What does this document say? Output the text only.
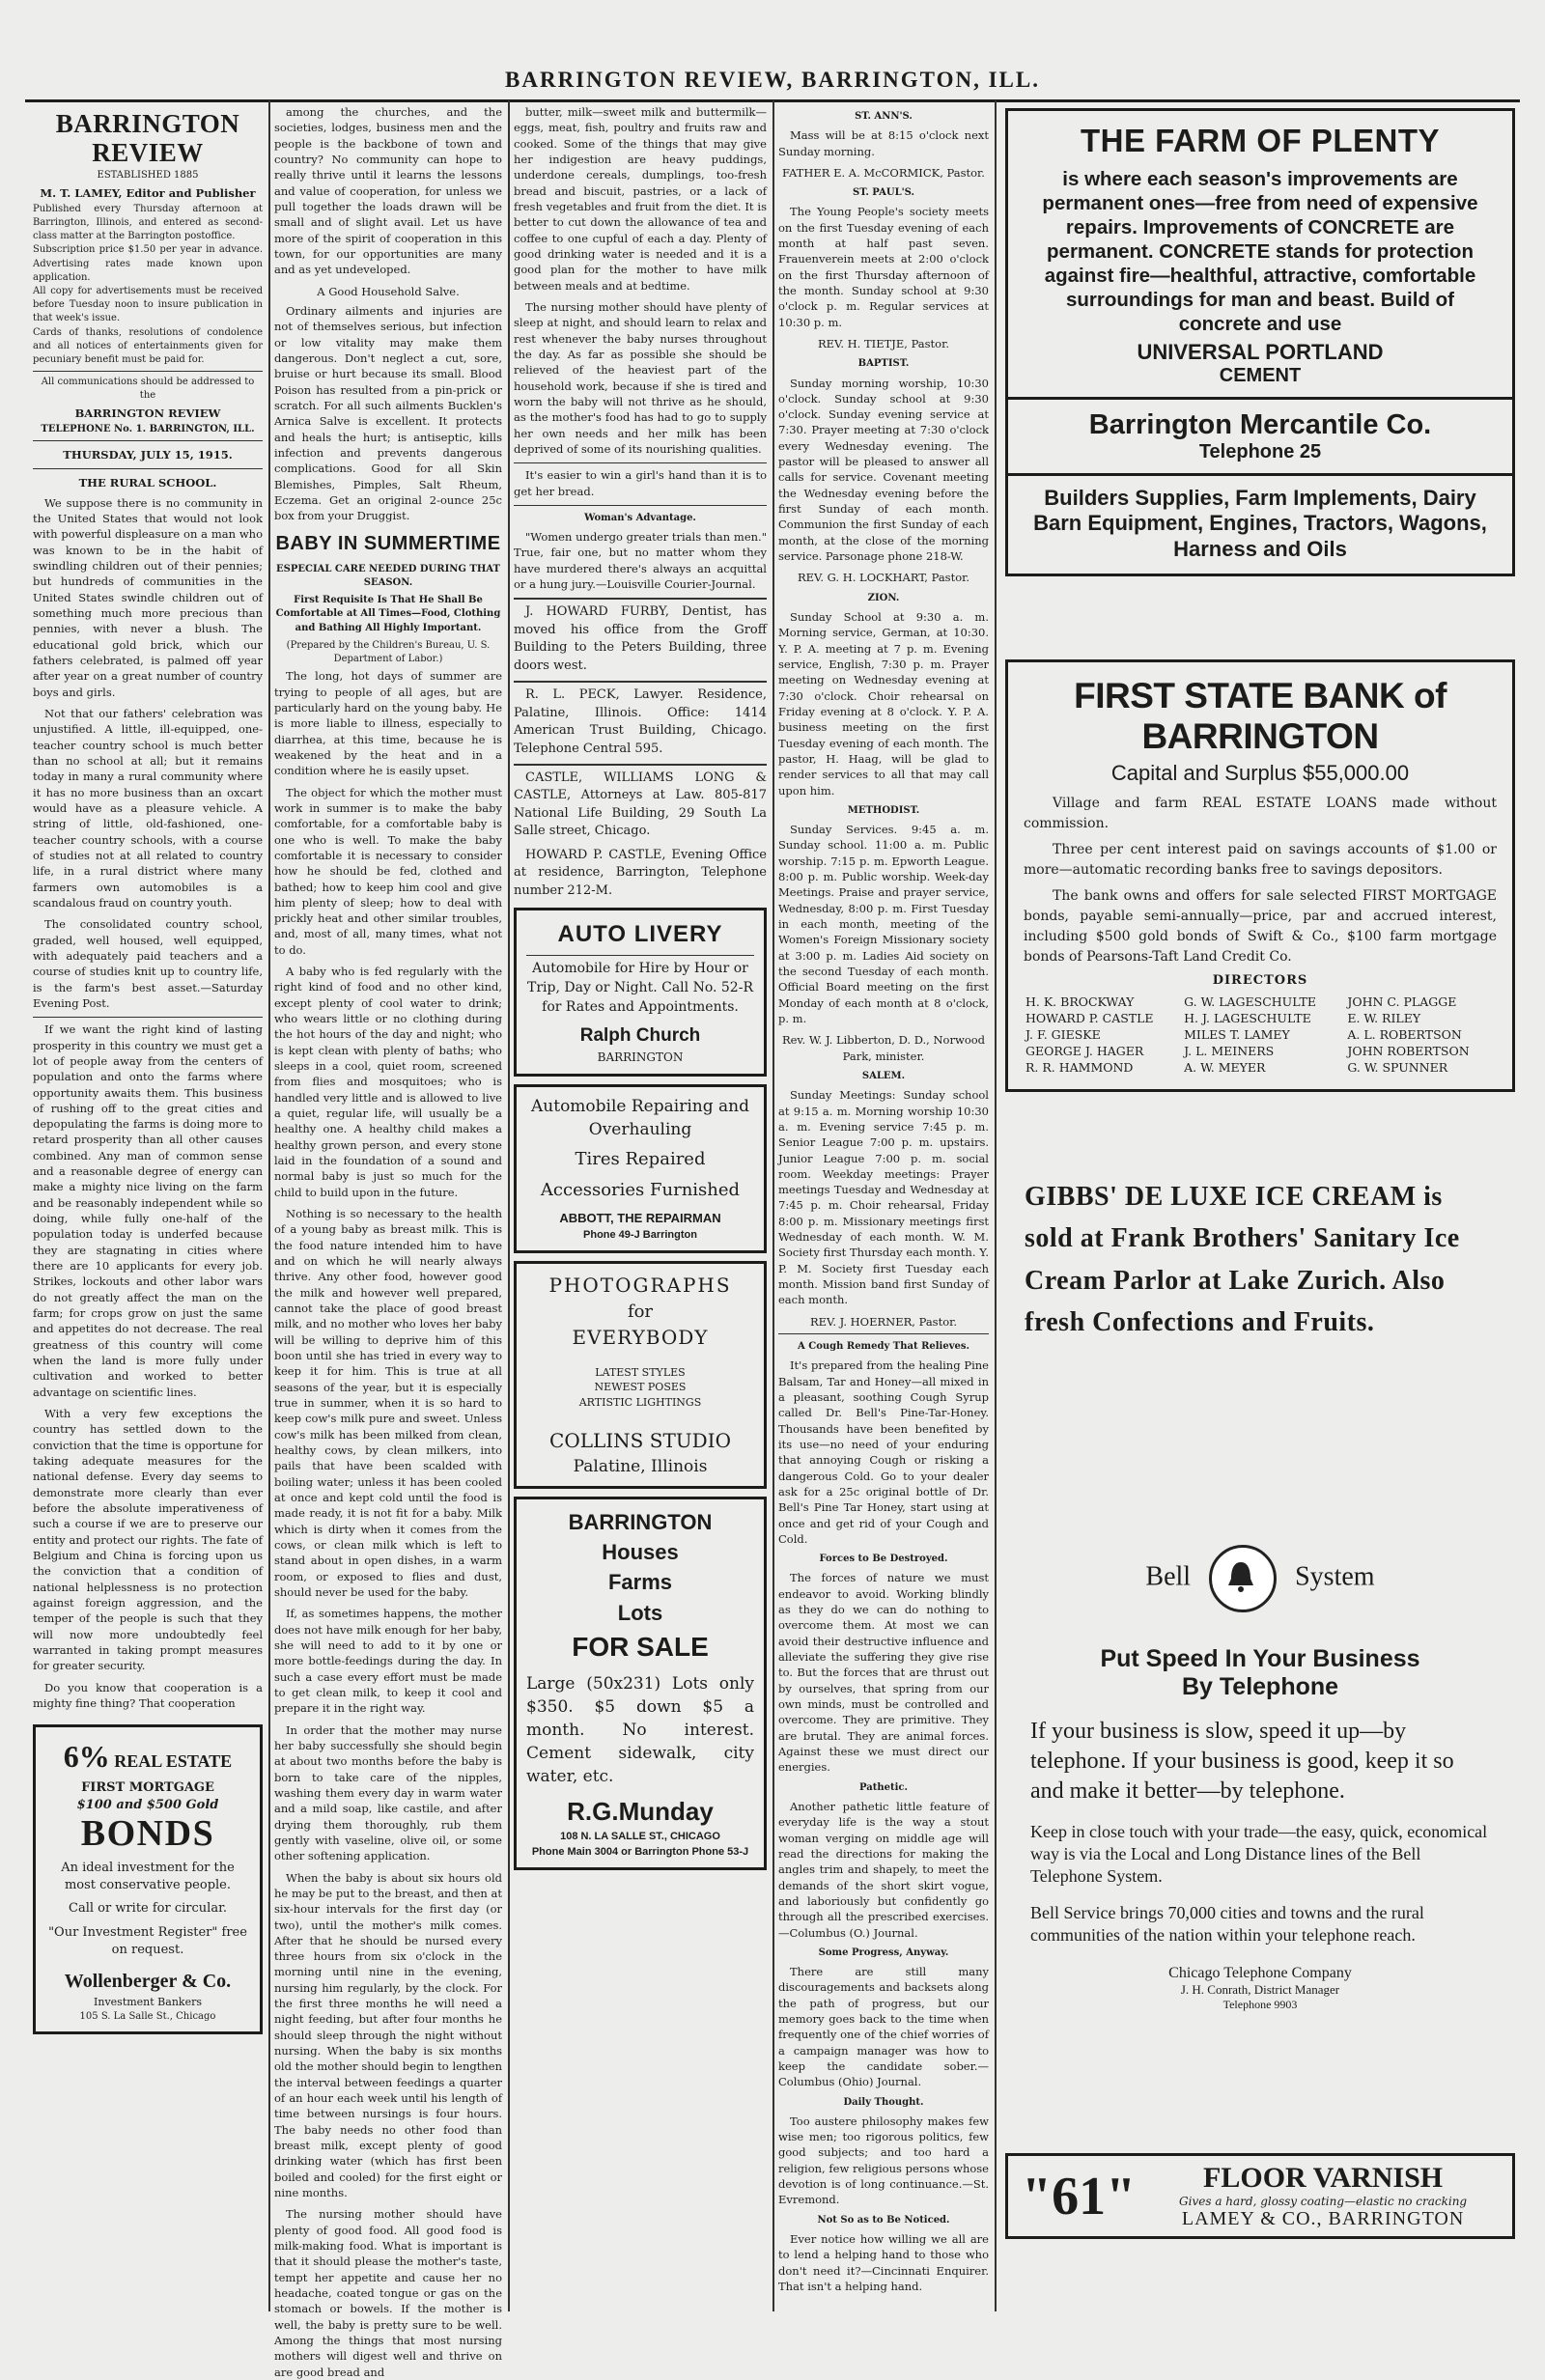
BARRINGTON REVIEW, BARRINGTON, ILL.
BARRINGTON REVIEW
ESTABLISHED 1885
M. T. LAMEY, Editor and Publisher
Published every Thursday afternoon at Barrington, Illinois, and entered as second-class matter at the Barrington postoffice.
Subscription price $1.50 per year in advance. Advertising rates made known upon application.
All copy for advertisements must be received before Tuesday noon to insure publication in that week's issue.
Cards of thanks, resolutions of condolence and all notices of entertainments given for pecuniary benefit must be paid for.
All communications should be addressed to the
BARRINGTON REVIEW
TELEPHONE No. 1. BARRINGTON, ILL.
THURSDAY, JULY 15, 1915.
THE RURAL SCHOOL.

We suppose there is no community in the United States that would not look with powerful displeasure on a man who was known to be in the habit of swindling children out of their pennies; but hundreds of communities in the United States swindle children out of something much more precious than pennies, with never a blush. The educational gold brick, which our fathers celebrated, is palmed off year after year on a great number of country boys and girls.

Not that our fathers' celebration was unjustified. A little, ill-equipped, one-teacher country school is much better than no school at all; but it remains today in many a rural community where it has no more business than an oxcart would have as a pleasure vehicle. A string of little, old-fashioned, one-teacher country schools, with a course of studies not at all related to country life, in a rural district where many farmers own automobiles is a scandalous fraud on country youth.

The consolidated country school, graded, well housed, well equipped, with adequately paid teachers and a course of studies knit up to country life, is the farm's best asset.—Saturday Evening Post.

If we want the right kind of lasting prosperity in this country we must get a lot of people away from the centers of population and onto the farms where opportunity awaits them. This business of rushing off to the great cities and depopulating the farms is doing more to retard prosperity than all other causes combined. Any man of common sense and a reasonable degree of energy can make a mighty nice living on the farm and be reasonably independent while so doing, while fully one-half of the population today is underfed because they are stagnating in cities where there are 10 applicants for every job. Strikes, lockouts and other labor wars do not greatly affect the man on the farm; for crops grow on just the same and appetites do not decrease. The real greatness of this country will come when the land is more fully under cultivation and worked to better advantage on scientific lines.

With a very few exceptions the country has settled down to the conviction that the time is opportune for taking adequate measures for the national defense. Every day seems to demonstrate more clearly than ever before the absolute imperativeness of such a course if we are to preserve our entity and protect our rights. The fate of Belgium and China is forcing upon us the conviction that a condition of national helplessness is no protection against foreign aggression, and the temper of the people is such that they will now more undoubtedly feel warranted in taking prompt measures for greater security.

Do you know that cooperation is a mighty fine thing? That cooperation

6% REAL ESTATE
FIRST MORTGAGE
$100 and $500 Gold
BONDS
An ideal investment for the most conservative people.
Call or write for circular.
"Our Investment Register" free on request.
Wollenberger & Co.
Investment Bankers
105 S. La Salle St., Chicago

among the churches, and the societies, lodges, business men and the people is the backbone of town and country? No community can hope to really thrive until it learns the lessons and value of cooperation, for unless we pull together the loads drawn will be small and of slight avail. Let us have more of the spirit of cooperation in this town, for our opportunities are many and as yet undeveloped.

A Good Household Salve.

Ordinary ailments and injuries are not of themselves serious, but infection or low vitality may make them dangerous. Don't neglect a cut, sore, bruise or hurt because its small. Blood Poison has resulted from a pin-prick or scratch. For all such ailments Bucklen's Arnica Salve is excellent. It protects and heals the hurt; is antiseptic, kills infection and prevents dangerous complications. Good for all Skin Blemishes, Pimples, Salt Rheum, Eczema. Get an original 2-ounce 25c box from your Druggist.

BABY IN SUMMERTIME
ESPECIAL CARE NEEDED DURING THAT SEASON.
First Requisite Is That He Shall Be Comfortable at All Times—Food, Clothing and Bathing All Highly Important.
(Prepared by the Children's Bureau, U. S. Department of Labor.)

The long, hot days of summer are trying to people of all ages, but are particularly hard on the young baby. He is more liable to illness, especially to diarrhea, at this time, because he is weakened by the heat and in a condition where he is easily upset.

The object for which the mother must work in summer is to make the baby comfortable, for a comfortable baby is one who is well. To make the baby comfortable it is necessary to consider how he should be fed, clothed and bathed; how to keep him cool and give him plenty of sleep; how to deal with prickly heat and other similar troubles, and, most of all, many times, what not to do.

A baby who is fed regularly with the right kind of food and no other kind, except plenty of cool water to drink; who wears little or no clothing during the hot hours of the day and night; who is kept clean with plenty of baths; who sleeps in a cool, quiet room, screened from flies and mosquitoes; who is handled very little and is allowed to live a quiet, regular life, will usually be a healthy one. A healthy child makes a healthy grown person, and every stone laid in the foundation of a sound and normal baby is just so much for the child to build upon in the future.

Nothing is so necessary to the health of a young baby as breast milk. This is the food nature intended him to have and on which he will nearly always thrive. Any other food, however good the milk and however well prepared, cannot take the place of good breast milk, and no mother who loves her baby will be willing to deprive him of this boon until she has tried in every way to keep it for him. This is true at all seasons of the year, but it is especially true in summer, when it is so hard to keep cow's milk pure and sweet. Unless cow's milk has been milked from clean, healthy cows, by clean milkers, into pails that have been scalded with boiling water; unless it has been cooled at once and kept cold until the food is made ready, it is not fit for a baby. Milk which is dirty when it comes from the cows, or clean milk which is left to stand about in open dishes, in a warm room, or exposed to flies and dust, should never be used for the baby.

If, as sometimes happens, the mother does not have milk enough for her baby, she will need to add to it by one or more bottle-feedings during the day. In such a case every effort must be made to get clean milk, to keep it cool and prepare it in the right way.

In order that the mother may nurse her baby successfully she should begin at about two months before the baby is born to take care of the nipples, washing them every day in warm water and a mild soap, like castile, and after drying them thoroughly, rub them gently with vaseline, olive oil, or some other softening application.

When the baby is about six hours old he may be put to the breast, and then at six-hour intervals for the first day (or two), until the mother's milk comes. After that he should be nursed every three hours from six o'clock in the morning until nine in the evening, nursing him regularly, by the clock. For the first three months he will need a night feeding, but after four months he should sleep through the night without nursing. When the baby is six months old the mother should begin to lengthen the interval between feedings a quarter of an hour each week until his length of time between nursings is four hours. The baby needs no other food than breast milk, except plenty of good drinking water (which has first been boiled and cooled) for the first eight or nine months.

The nursing mother should have plenty of good food. All good food is milk-making food. What is important is that it should please the mother's taste, tempt her appetite and cause her no headache, coated tongue or gas on the stomach or bowels. If the mother is well, the baby is pretty sure to be well. Among the things that most nursing mothers will digest well and thrive on are good bread and

butter, milk—sweet milk and buttermilk—eggs, meat, fish, poultry and fruits raw and cooked. Some of the things that may give her indigestion are heavy puddings, underdone cereals, dumplings, too-fresh bread and biscuit, pastries, or a lack of fresh vegetables and fruit from the diet. It is better to cut down the allowance of tea and coffee to one cupful of each a day. Plenty of good drinking water is needed and it is a good plan for the mother to have milk between meals and at bedtime.

The nursing mother should have plenty of sleep at night, and should learn to relax and rest whenever the baby nurses throughout the day. As far as possible she should be relieved of the heaviest part of the household work, because if she is tired and worn the baby will not thrive as he should, as the mother's food has had to go to supply her own needs and her milk has been deprived of some of its nourishing qualities.

It's easier to win a girl's hand than it is to get her bread.

Woman's Advantage.

"Women undergo greater trials than men." True, fair one, but no matter whom they have murdered there's always an acquittal or a hung jury.—Louisville Courier-Journal.

J. HOWARD FURBY, Dentist, has moved his office from the Groff Building to the Peters Building, three doors west.

R. L. PECK, Lawyer. Residence, Palatine, Illinois. Office: 1414 American Trust Building, Chicago. Telephone Central 595.

CASTLE, WILLIAMS LONG & CASTLE, Attorneys at Law. 805-817 National Life Building, 29 South La Salle street, Chicago.

HOWARD P. CASTLE, Evening Office at residence, Barrington, Telephone number 212-M.

AUTO LIVERY
Automobile for Hire by Hour or Trip, Day or Night. Call No. 52-R for Rates and Appointments.
Ralph Church
BARRINGTON
Automobile Repairing and Overhauling
Tires Repaired
Accessories Furnished
ABBOTT, THE REPAIRMAN
Phone 49-J Barrington
PHOTOGRAPHS
for
EVERYBODY
LATEST STYLES
NEWEST POSES
ARTISTIC LIGHTINGS
COLLINS STUDIO
Palatine, Illinois
BARRINGTON
Houses
Farms
Lots
FOR SALE
Large (50x231) Lots only $350. $5 down $5 a month. No interest. Cement sidewalk, city water, etc.
R.G.Munday
108 N. LA SALLE ST., CHICAGO
Phone Main 3004 or Barrington Phone 53-J
ST. ANN'S.

Mass will be at 8:15 o'clock next Sunday morning.

FATHER E. A. McCORMICK, Pastor.
ST. PAUL'S.

The Young People's society meets on the first Tuesday evening of each month at half past seven. Frauenverein meets at 2:00 o'clock on the first Thursday afternoon of the month. Sunday school at 9:30 o'clock p. m. Regular services at 10:30 p. m.

REV. H. TIETJE, Pastor.
BAPTIST.

Sunday morning worship, 10:30 o'clock. Sunday school at 9:30 o'clock. Sunday evening service at 7:30. Prayer meeting at 7:30 o'clock every Wednesday evening. The pastor will be pleased to answer all calls for service. Covenant meeting the Wednesday evening before the first Sunday of each month. Communion the first Sunday of each month, at the close of the morning service. Parsonage phone 218-W.

REV. G. H. LOCKHART, Pastor.
ZION.

Sunday School at 9:30 a. m. Morning service, German, at 10:30. Y. P. A. meeting at 7 p. m. Evening service, English, 7:30 p. m. Prayer meeting on Wednesday evening at 7:30 o'clock. Choir rehearsal on Friday evening at 8 o'clock. Y. P. A. business meeting on the first Tuesday evening of each month. The pastor, H. Haag, will be glad to render services to all that may call upon him.

METHODIST.

Sunday Services. 9:45 a. m. Sunday school. 11:00 a. m. Public worship. 7:15 p. m. Epworth League. 8:00 p. m. Public worship. Week-day Meetings. Praise and prayer service, Wednesday, 8:00 p. m. First Tuesday in each month, meeting of the Women's Foreign Missionary society at 3:00 p. m. Ladies Aid society on the second Tuesday of each month. Official Board meeting on the first Monday of each month at 8 o'clock, p. m.

Rev. W. J. Libberton, D. D., Norwood Park, minister.
SALEM.

Sunday Meetings: Sunday school at 9:15 a. m. Morning worship 10:30 a. m. Evening service 7:45 p. m. Senior League 7:00 p. m. upstairs. Junior League 7:00 p. m. social room. Weekday meetings: Prayer meetings Tuesday and Wednesday at 7:45 p. m. Choir rehearsal, Friday 8:00 p. m. Missionary meetings first Wednesday of each month. W. M. Society first Thursday each month. Y. P. M. Society first Tuesday each month. Mission band first Sunday of each month.

REV. J. HOERNER, Pastor.
A Cough Remedy That Relieves.

It's prepared from the healing Pine Balsam, Tar and Honey—all mixed in a pleasant, soothing Cough Syrup called Dr. Bell's Pine-Tar-Honey. Thousands have been benefited by its use—no need of your enduring that annoying Cough or risking a dangerous Cold. Go to your dealer ask for a 25c original bottle of Dr. Bell's Pine Tar Honey, start using at once and get rid of your Cough and Cold.

Forces to Be Destroyed.

The forces of nature we must endeavor to avoid. Working blindly as they do we can do nothing to overcome them. At most we can avoid their destructive influence and alleviate the suffering they give rise to. But the forces that are thrust out by ourselves, that spring from our own minds, must be controlled and overcome. They are primitive. They are brutal. They are animal forces. Against these we must direct our energies.

Pathetic.

Another pathetic little feature of everyday life is the way a stout woman verging on middle age will read the directions for making the angles trim and shapely, to meet the demands of the short skirt vogue, and laboriously but confidently go through all the prescribed exercises.—Columbus (O.) Journal.

Some Progress, Anyway.

There are still many discouragements and backsets along the path of progress, but our memory goes back to the time when frequently one of the chief worries of a campaign manager was how to keep the candidate sober.—Columbus (Ohio) Journal.

Daily Thought.

Too austere philosophy makes few wise men; too rigorous politics, few good subjects; and too hard a religion, few religious persons whose devotion is of long continuance.—St. Evremond.

Not So as to Be Noticed.

Ever notice how willing we all are to lend a helping hand to those who don't need it?—Cincinnati Enquirer. That isn't a helping hand.

THE FARM OF PLENTY
is where each season's improvements are permanent ones—free from need of expensive repairs. Improvements of CONCRETE are permanent. CONCRETE stands for protection against fire—healthful, attractive, comfortable surroundings for man and beast. Build of concrete and use
UNIVERSAL PORTLAND
CEMENT
Barrington Mercantile Co.
Telephone 25
Builders Supplies, Farm Implements, Dairy Barn Equipment, Engines, Tractors, Wagons, Harness and Oils
FIRST STATE BANK of BARRINGTON
Capital and Surplus $55,000.00

Village and farm REAL ESTATE LOANS made without commission.

Three per cent interest paid on savings accounts of $1.00 or more—automatic recording banks free to savings depositors.

The bank owns and offers for sale selected FIRST MORTGAGE bonds, payable semi-annually—price, par and accrued interest, including $500 gold bonds of Swift & Co., $100 farm mortgage bonds of Pearsons-Taft Land Credit Co.

DIRECTORS
H. K. BROCKWAY	G. W. LAGESCHULTE	JOHN C. PLAGGE
HOWARD P. CASTLE	H. J. LAGESCHULTE	E. W. RILEY
J. F. GIESKE	MILES T. LAMEY	A. L. ROBERTSON
GEORGE J. HAGER	J. L. MEINERS	JOHN ROBERTSON
R. R. HAMMOND	A. W. MEYER	G. W. SPUNNER
GIBBS' DE LUXE ICE CREAM is sold at Frank Brothers' Sanitary Ice Cream Parlor at Lake Zurich. Also fresh Confections and Fruits.
Bell	System
Put Speed In Your Business
By Telephone
If your business is slow, speed it up—by telephone. If your business is good, keep it so and make it better—by telephone.
Keep in close touch with your trade—the easy, quick, economical way is via the Local and Long Distance lines of the Bell Telephone System.
Bell Service brings 70,000 cities and towns and the rural communities of the nation within your telephone reach.
Chicago Telephone Company
J. H. Conrath, District Manager
Telephone 9903
"61"	FLOOR VARNISH
Gives a hard, glossy coating—elastic no cracking
LAMEY & CO., BARRINGTON
